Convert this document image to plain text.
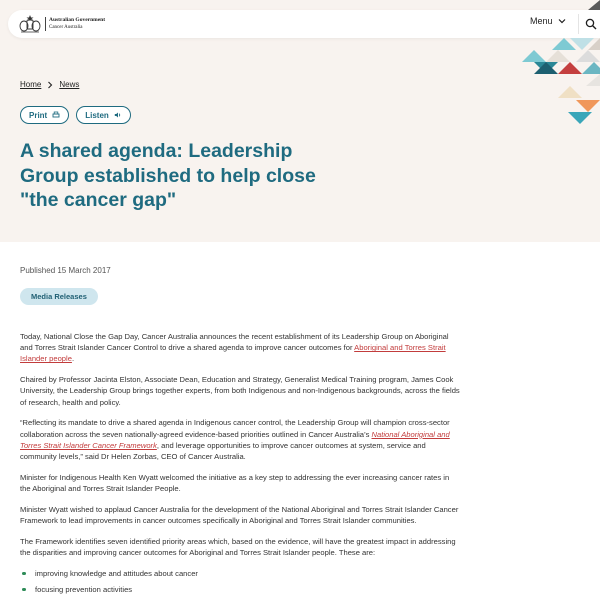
Australian Government
Cancer Australia
Menu
Home News
Print	Listen
A shared agenda: Leadership Group established to help close "the cancer gap"
Published 15 March 2017
Media Releases

Today, National Close the Gap Day, Cancer Australia announces the recent establishment of its Leadership Group on Aboriginal and Torres Strait Islander Cancer Control to drive a shared agenda to improve cancer outcomes for Aboriginal and Torres Strait Islander people.

Chaired by Professor Jacinta Elston, Associate Dean, Education and Strategy, Generalist Medical Training program, James Cook University, the Leadership Group brings together experts, from both Indigenous and non-Indigenous backgrounds, across the fields of research, health and policy.

“Reflecting its mandate to drive a shared agenda in Indigenous cancer control, the Leadership Group will champion cross-sector collaboration across the seven nationally-agreed evidence-based priorities outlined in Cancer Australia’s National Aboriginal and Torres Strait Islander Cancer Framework, and leverage opportunities to improve cancer outcomes at system, service and community levels,” said Dr Helen Zorbas, CEO of Cancer Australia.

Minister for Indigenous Health Ken Wyatt welcomed the initiative as a key step to addressing the ever increasing cancer rates in the Aboriginal and Torres Strait Islander People.

Minister Wyatt wished to applaud Cancer Australia for the development of the National Aboriginal and Torres Strait Islander Cancer Framework to lead improvements in cancer outcomes specifically in Aboriginal and Torres Strait Islander communities.

The Framework identifies seven identified priority areas which, based on the evidence, will have the greatest impact in addressing the disparities and improving cancer outcomes for Aboriginal and Torres Strait Islander people. These are:

improving knowledge and attitudes about cancer
focusing prevention activities
